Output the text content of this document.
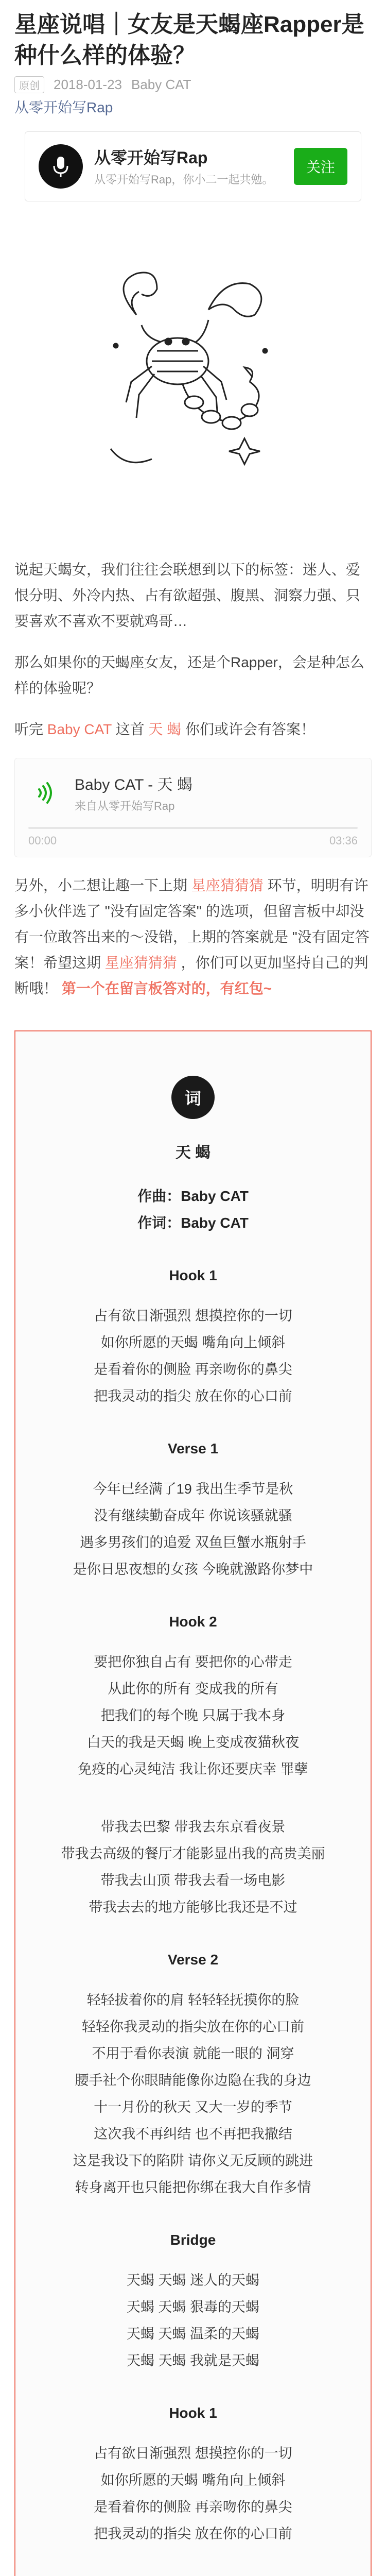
星座说唱｜女友是天蝎座Rapper是种什么样的体验？
原创	2018-01-23 Baby CAT
从零开始写Rap
从零开始写Rap
从零开始写Rap，你小二一起共勉。
关注

说起天蝎女，我们往往会联想到以下的标签：迷人、爱恨分明、外冷内热、占有欲超强、腹黑、洞察力强、只要喜欢不喜欢不要就鸡哥…

那么如果你的天蝎座女友，还是个Rapper，会是种怎么样的体验呢？

听完 Baby CAT 这首 天 蝎 你们或许会有答案！

Baby CAT - 天 蝎
来自从零开始写Rap
00:00	03:36

另外，小二想让趣一下上期 星座猜猜猜 环节，明明有许多小伙伴选了 "没有固定答案" 的选项，但留言板中却没有一位敢答出来的～没错，上期的答案就是 "没有固定答案！希望这期 星座猜猜猜 ，你们可以更加坚持自己的判断哦！ 第一个在留言板答对的，有红包~

词
天 蝎
作曲：Baby CAT
作词：Baby CAT
Hook 1
占有欲日渐强烈 想摸控你的一切
如你所愿的天蝎 嘴角向上倾斜
是看着你的侧脸 再亲吻你的鼻尖
把我灵动的指尖 放在你的心口前
Verse 1
今年已经满了19 我出生季节是秋
没有继续勤奋成年 你说该骚就骚
遇多男孩们的追爱 双鱼巨蟹水瓶射手
是你日思夜想的女孩 今晚就激路你梦中
Hook 2
要把你独自占有 要把你的心带走
从此你的所有 变成我的所有
把我们的每个晚 只属于我本身
白天的我是天蝎 晚上变成夜猫秋夜
免疫的心灵纯洁 我让你还要庆幸 罪孽
带我去巴黎 带我去东京看夜景
带我去高级的餐厅才能影显出我的高贵美丽
带我去山顶 带我去看一场电影
带我去去的地方能够比我还是不过
Verse 2
轻轻拔着你的肩 轻轻轻抚摸你的脸
轻轻你我灵动的指尖放在你的心口前
不用于看你表演 就能一眼的 洞穿
腰手社个你眼睛能像你边隐在我的身边
十一月份的秋天 又大一岁的季节
这次我不再纠结 也不再把我撒结
这是我设下的陷阱 请你义无反顾的跳进
转身离开也只能把你绑在我大自作多情
Bridge
天蝎 天蝎 迷人的天蝎
天蝎 天蝎 狠毒的天蝎
天蝎 天蝎 温柔的天蝎
天蝎 天蝎 我就是天蝎
Hook 1
占有欲日渐强烈 想摸控你的一切
如你所愿的天蝎 嘴角向上倾斜
是看着你的侧脸 再亲吻你的鼻尖
把我灵动的指尖 放在你的心口前
